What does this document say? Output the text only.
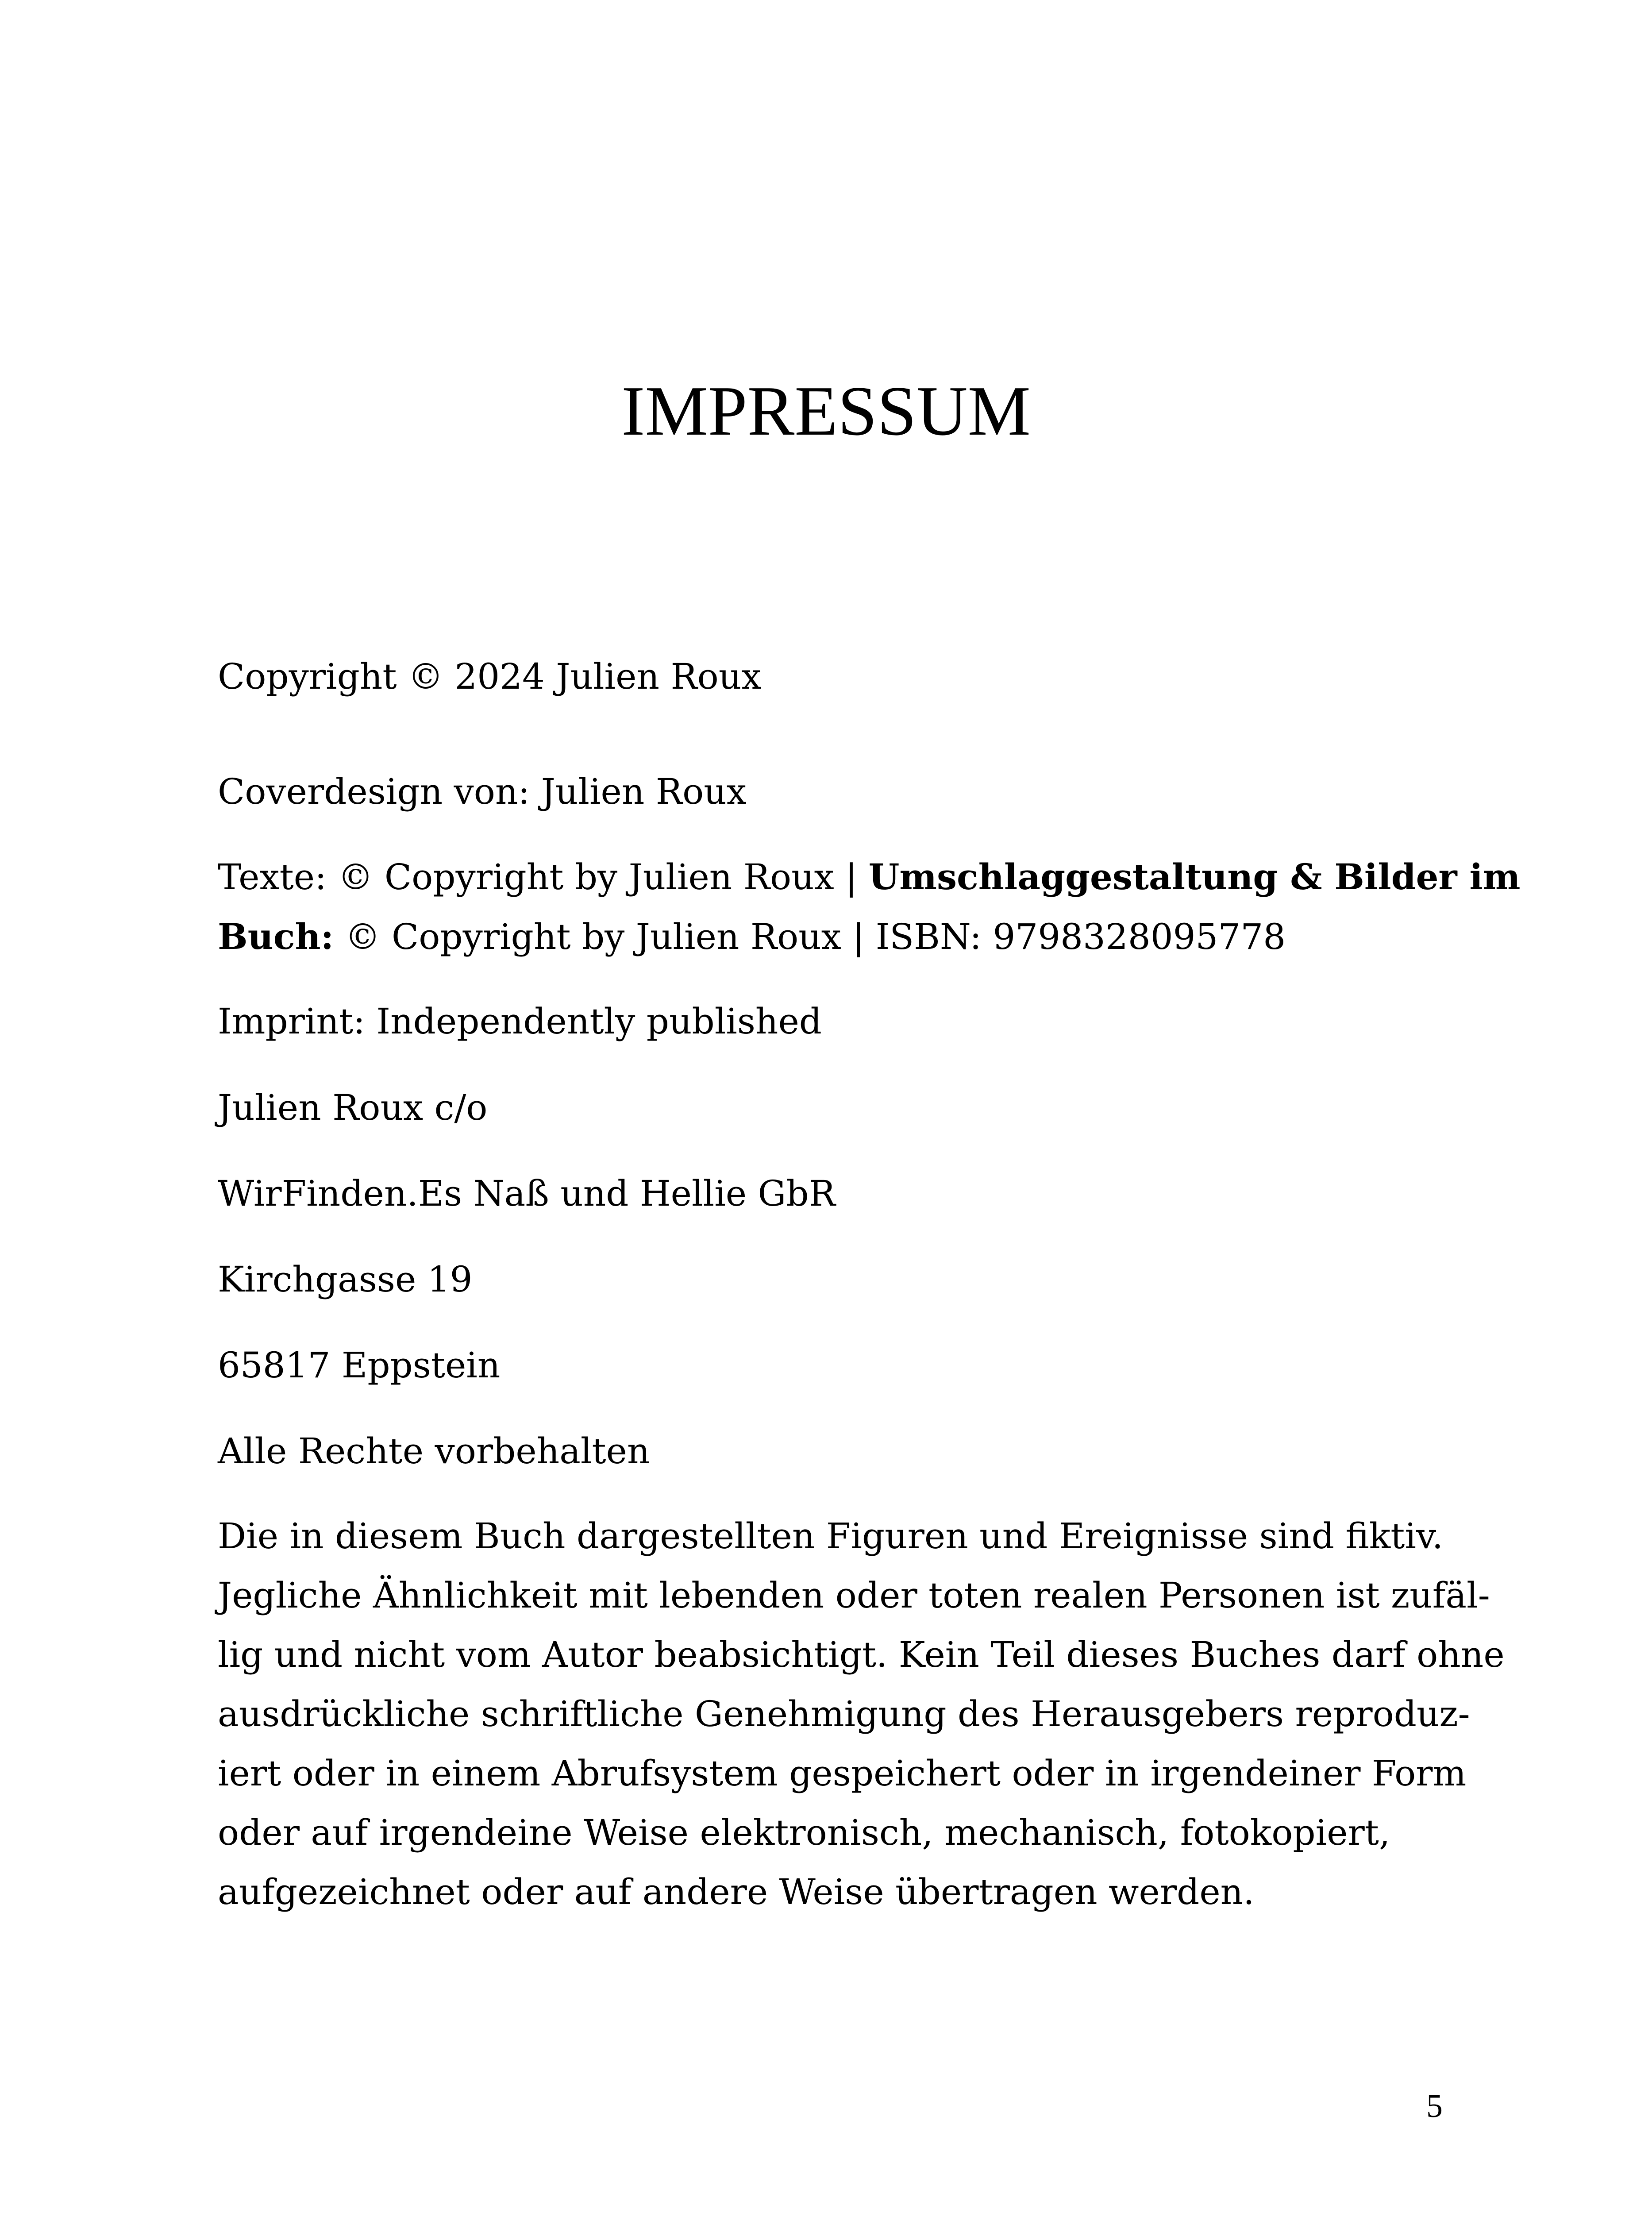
IMPRESSUM

Copyright © 2024 Julien Roux

Coverdesign von: Julien Roux

Texte: © Copyright by Julien Roux | Umschlaggestaltung & Bilder im
Buch: © Copyright by Julien Roux | ISBN: 9798328095778

Imprint: Independently published

Julien Roux c/o

WirFinden.Es Naß und Hellie GbR

Kirchgasse 19

65817 Eppstein

Alle Rechte vorbehalten

Die in diesem Buch dargestellten Figuren und Ereignisse sind fiktiv.
Jegliche Ähnlichkeit mit lebenden oder toten realen Personen ist zufäl-
lig und nicht vom Autor beabsichtigt. Kein Teil dieses Buches darf ohne
ausdrückliche schriftliche Genehmigung des Herausgebers reproduz-
iert oder in einem Abrufsystem gespeichert oder in irgendeiner Form
oder auf irgendeine Weise elektronisch, mechanisch, fotokopiert,
aufgezeichnet oder auf andere Weise übertragen werden.
5
